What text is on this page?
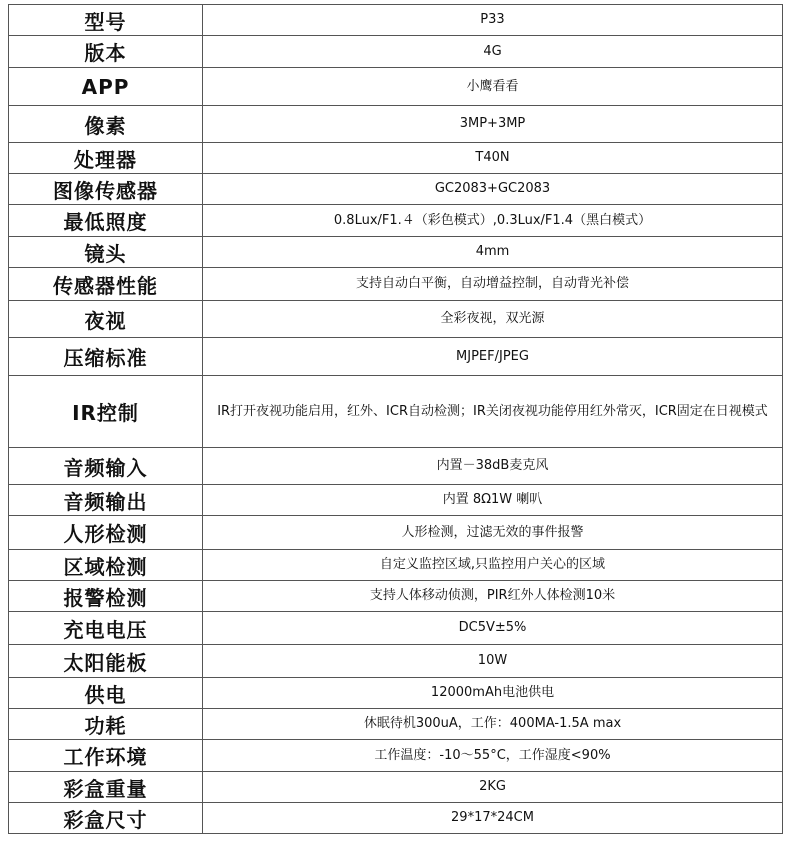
型号	P33
版本	4G
APP	小鹰看看
像素	3MP+3MP
处理器	T40N
图像传感器	GC2083+GC2083
最低照度	0.8Lux/F1.４（彩色模式）,0.3Lux/F1.4（黑白模式）
镜头	4mm
传感器性能	支持自动白平衡，自动增益控制，自动背光补偿
夜视	全彩夜视，双光源
压缩标准	MJPEF/JPEG
IR控制	IR打开夜视功能启用，红外、ICR自动检测；IR关闭夜视功能停用红外常灭，ICR固定在日视模式
音频输入	内置－38dB麦克风
音频输出	内置 8Ω1W 喇叭
人形检测	人形检测，过滤无效的事件报警
区域检测	自定义监控区域,只监控用户关心的区域
报警检测	支持人体移动侦测，PIR红外人体检测10米
充电电压	DC5V±5%
太阳能板	10W
供电	12000mAh电池供电
功耗	休眠待机300uA，工作：400MA-1.5A max
工作环境	工作温度：-10～55°C，工作湿度<90%
彩盒重量	2KG
彩盒尺寸	29*17*24CM
